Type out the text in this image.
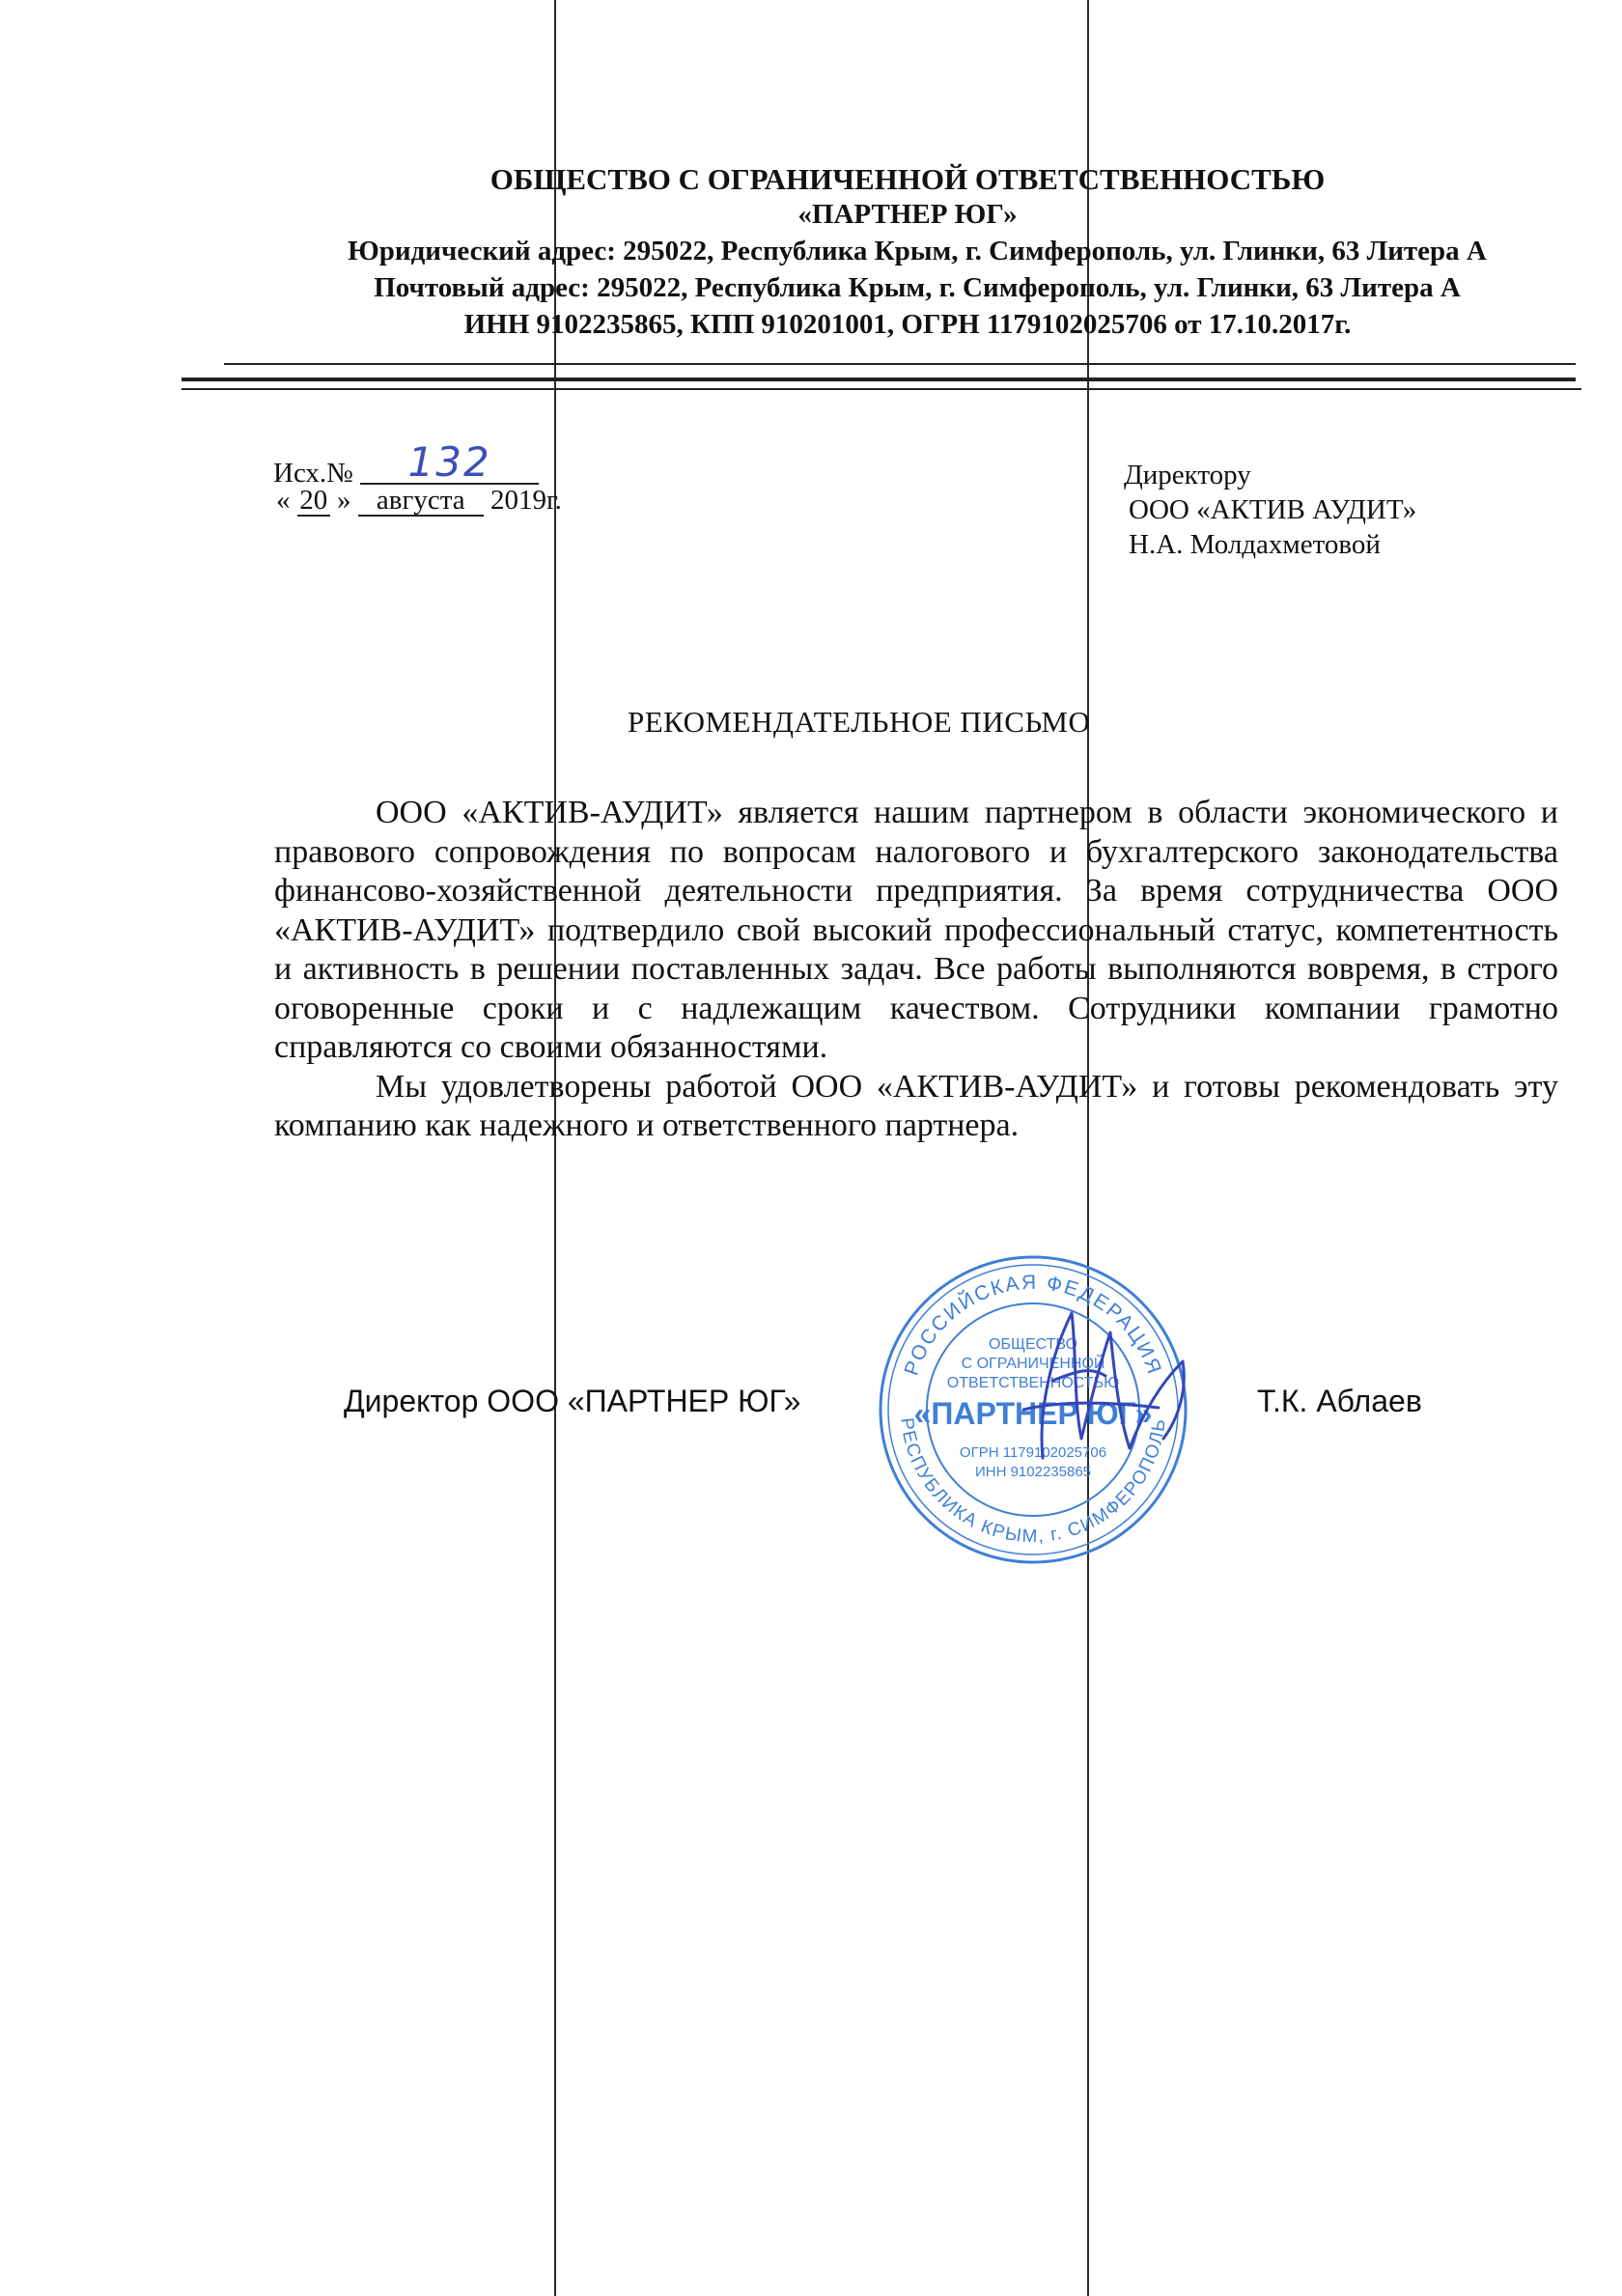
ОБЩЕСТВО С ОГРАНИЧЕННОЙ ОТВЕТСТВЕННОСТЬЮ
«ПАРТНЕР ЮГ»
Юридический адрес: 295022, Республика Крым, г. Симферополь, ул. Глинки, 63 Литера А
Почтовый адрес: 295022, Республика Крым, г. Симферополь, ул. Глинки, 63 Литера А
ИНН 9102235865, КПП 910201001, ОГРН 1179102025706 от 17.10.2017г.
Исх.№ 132
« 20 » августа 2019г.
Директору
ООО «АКТИВ АУДИТ»
Н.А. Молдахметовой
РЕКОМЕНДАТЕЛЬНОЕ ПИСЬМО

ООО «АКТИВ-АУДИТ» является нашим партнером в области экономического и правового сопровождения по вопросам налогового и бухгалтерского законодательства финансово-хозяйственной деятельности предприятия. За время сотрудничества ООО «АКТИВ-АУДИТ» подтвердило свой высокий профессиональный статус, компетентность и активность в решении поставленных задач. Все работы выполняются вовремя, в строго оговоренные сроки и с надлежащим качеством. Сотрудники компании грамотно справляются со своими обязанностями.

Мы удовлетворены работой ООО «АКТИВ-АУДИТ» и готовы рекомендовать эту компанию как надежного и ответственного партнера.

Директор ООО «ПАРТНЕР ЮГ»	Т.К. Аблаев
РОССИЙСКАЯ ФЕДЕРАЦИЯ
РЕСПУБЛИКА КРЫМ, г. СИМФЕРОПОЛЬ
ОБЩЕСТВО
С ОГРАНИЧЕННОЙ
ОТВЕТСТВЕННОСТЬЮ
«ПАРТНЕР ЮГ»
ОГРН 1179102025706
ИНН 9102235865
